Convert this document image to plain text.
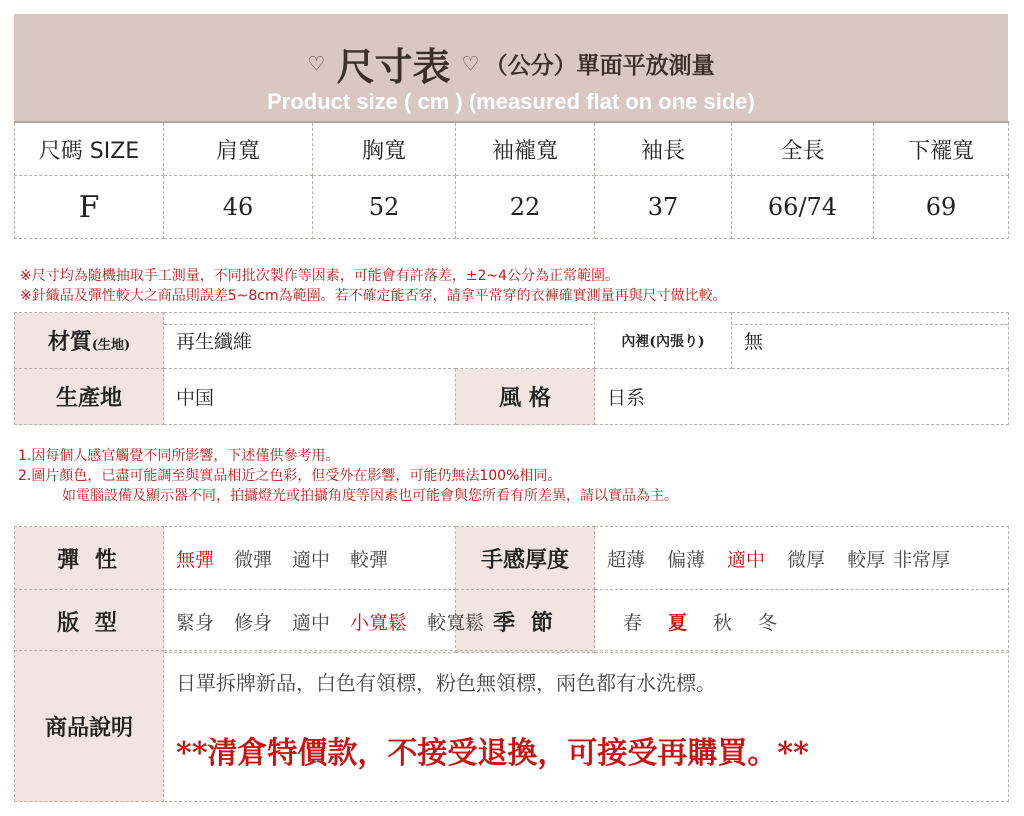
♡ 尺寸表 ♡ （公分）單面平放測量
Product size ( cm ) (measured flat on one side)
尺碼 SIZE	肩寬	胸寬	袖襱寬	袖長	全長	下襬寬
F	46	52	22	37	66/74	69
※尺寸均為隨機抽取手工測量，不同批次製作等因素，可能會有許落差，±2~4公分為正常範圍。
※針織品及彈性較大之商品則誤差5~8cm為範圍。若不確定能否穿，請拿平常穿的衣褲確實測量再與尺寸做比較。
材質(生地)	再生纖維		內裡(內張り)	無
生產地	中国	風 格	日系	
1.因每個人感官觸覺不同所影響，下述僅供參考用。
2.圖片顏色，已盡可能調至與實品相近之色彩，但受外在影響，可能仍無法100%相同。
如電腦設備及顯示器不同，拍攝燈光或拍攝角度等因素也可能會與您所看有所差異，請以實品為主。
彈 性	無彈 微彈 適中 較彈	手感厚度	超薄 偏薄 適中 微厚 較厚 非常厚
版 型	緊身 修身 適中 小寬鬆 較寬鬆	季 節	春 夏 秋 冬
商品說明	
日單拆牌新品，白色有領標，粉色無領標，兩色都有水洗標。
**清倉特價款，不接受退換，可接受再購買。**
